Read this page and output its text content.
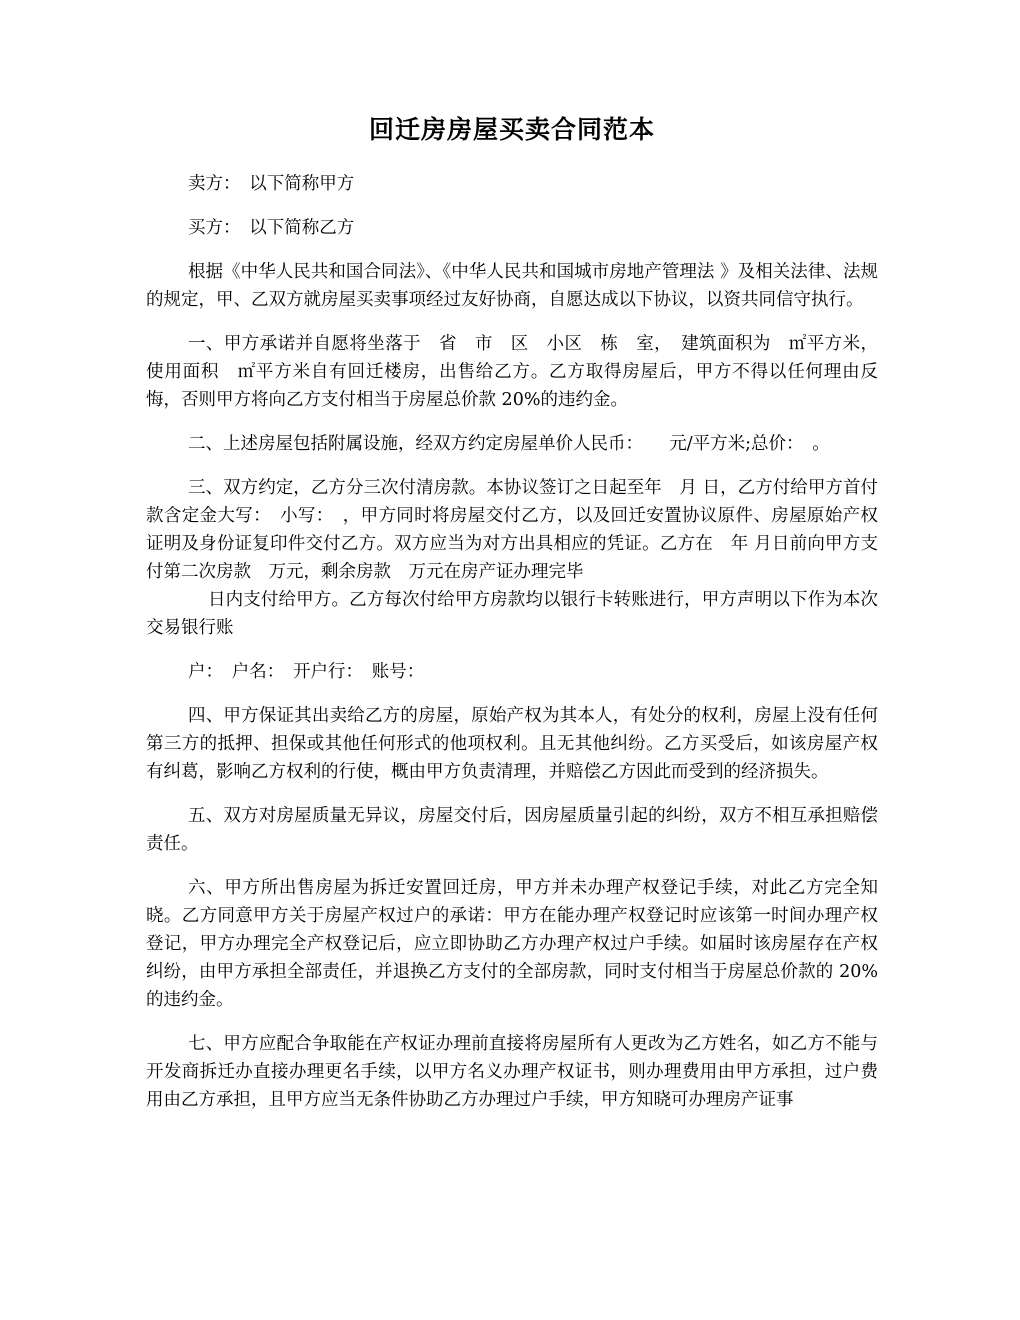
回迁房房屋买卖合同范本

卖方：　以下简称甲方

买方：　以下简称乙方

根据《中华人民共和国合同法》、《中华人民共和国城市房地产管理法 》及相关法律、法规的规定，甲、乙双方就房屋买卖事项经过友好协商，自愿达成以下协议，以资共同信守执行。

一、甲方承诺并自愿将坐落于　省　市　区　小区　栋　室，　建筑面积为　㎡平方米，使用面积　㎡平方米自有回迁楼房，出售给乙方。乙方取得房屋后，甲方不得以任何理由反悔，否则甲方将向乙方支付相当于房屋总价款 20%的违约金。

二、上述房屋包括附属设施，经双方约定房屋单价人民币：　　元/平方米;总价：　。

三、双方约定，乙方分三次付清房款。本协议签订之日起至年　月 日，乙方付给甲方首付款含定金大写：　小写：　，甲方同时将房屋交付乙方，以及回迁安置协议原件、房屋原始产权证明及身份证复印件交付乙方。双方应当为对方出具相应的凭证。乙方在　年 月日前向甲方支付第二次房款　万元，剩余房款　万元在房产证办理完毕

日内支付给甲方。乙方每次付给甲方房款均以银行卡转账进行，甲方声明以下作为本次交易银行账

户：　户名：　开户行：　账号：

四、甲方保证其出卖给乙方的房屋，原始产权为其本人，有处分的权利，房屋上没有任何第三方的抵押、担保或其他任何形式的他项权利。且无其他纠纷。乙方买受后，如该房屋产权有纠葛，影响乙方权利的行使，概由甲方负责清理，并赔偿乙方因此而受到的经济损失。

五、双方对房屋质量无异议，房屋交付后，因房屋质量引起的纠纷，双方不相互承担赔偿责任。

六、甲方所出售房屋为拆迁安置回迁房，甲方并未办理产权登记手续，对此乙方完全知晓。乙方同意甲方关于房屋产权过户的承诺：甲方在能办理产权登记时应该第一时间办理产权登记，甲方办理完全产权登记后，应立即协助乙方办理产权过户手续。如届时该房屋存在产权纠纷，由甲方承担全部责任，并退换乙方支付的全部房款，同时支付相当于房屋总价款的 20%的违约金。

七、甲方应配合争取能在产权证办理前直接将房屋所有人更改为乙方姓名，如乙方不能与开发商拆迁办直接办理更名手续，以甲方名义办理产权证书，则办理费用由甲方承担，过户费用由乙方承担，且甲方应当无条件协助乙方办理过户手续，甲方知晓可办理房产证事
